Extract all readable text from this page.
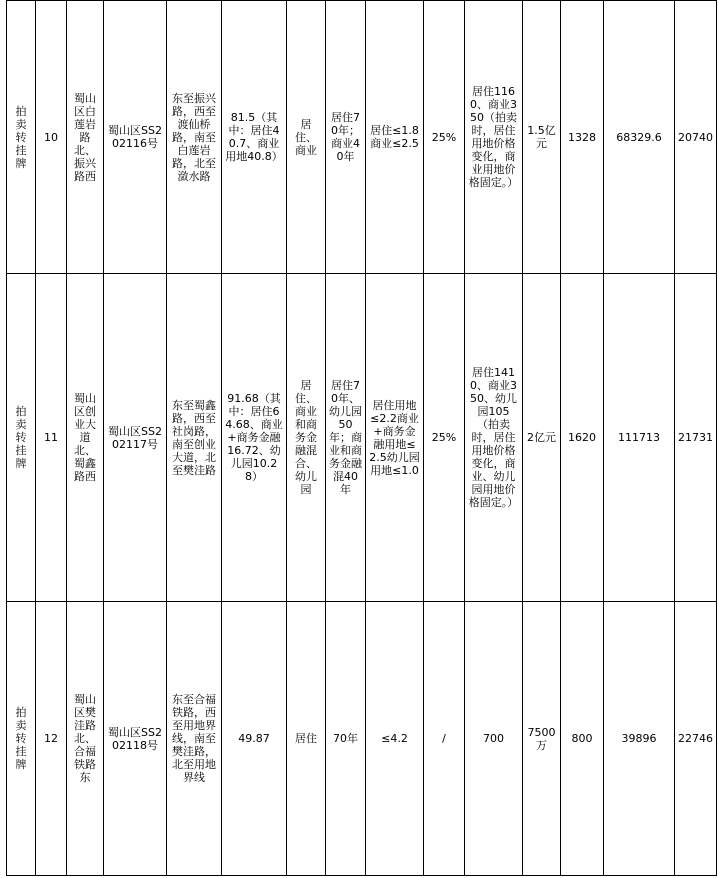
拍卖转挂牌	10	蜀山区白莲岩路北、振兴路西	蜀山区SS202116号	东至振兴路，西至渡仙桥路，南至白莲岩路，北至潋水路	81.5（其中：居住40.7、商业用地40.8）	居住、商业	居住70年；商业40年	居住≤1.8商业≤2.5	25%	居住1160、商业350（拍卖时，居住用地价格变化，商业用地价格固定。）	1.5亿元	1328	68329.6	20740
拍卖转挂牌	11	蜀山区创业大道北、蜀鑫路西	蜀山区SS202117号	东至蜀鑫路，西至社岗路，南至创业大道，北至樊洼路	91.68（其中：居住64.68、商业+商务金融16.72、幼儿园10.28）	居住、商业和商务金融混合、幼儿园	居住70年、幼儿园50年；商业和商务金融混40年	居住用地≤2.2商业+商务金融用地≤2.5幼儿园用地≤1.0	25%	居住1410、商业350、幼儿园105（拍卖时，居住用地价格变化，商业、幼儿园用地价格固定。）	2亿元	1620	111713	21731
拍卖转挂牌	12	蜀山区樊洼路北、合福铁路东	蜀山区SS202118号	东至合福铁路，西至用地界线，南至樊洼路，北至用地界线	49.87	居住	70年	≤4.2	/	700	7500万	800	39896	22746
